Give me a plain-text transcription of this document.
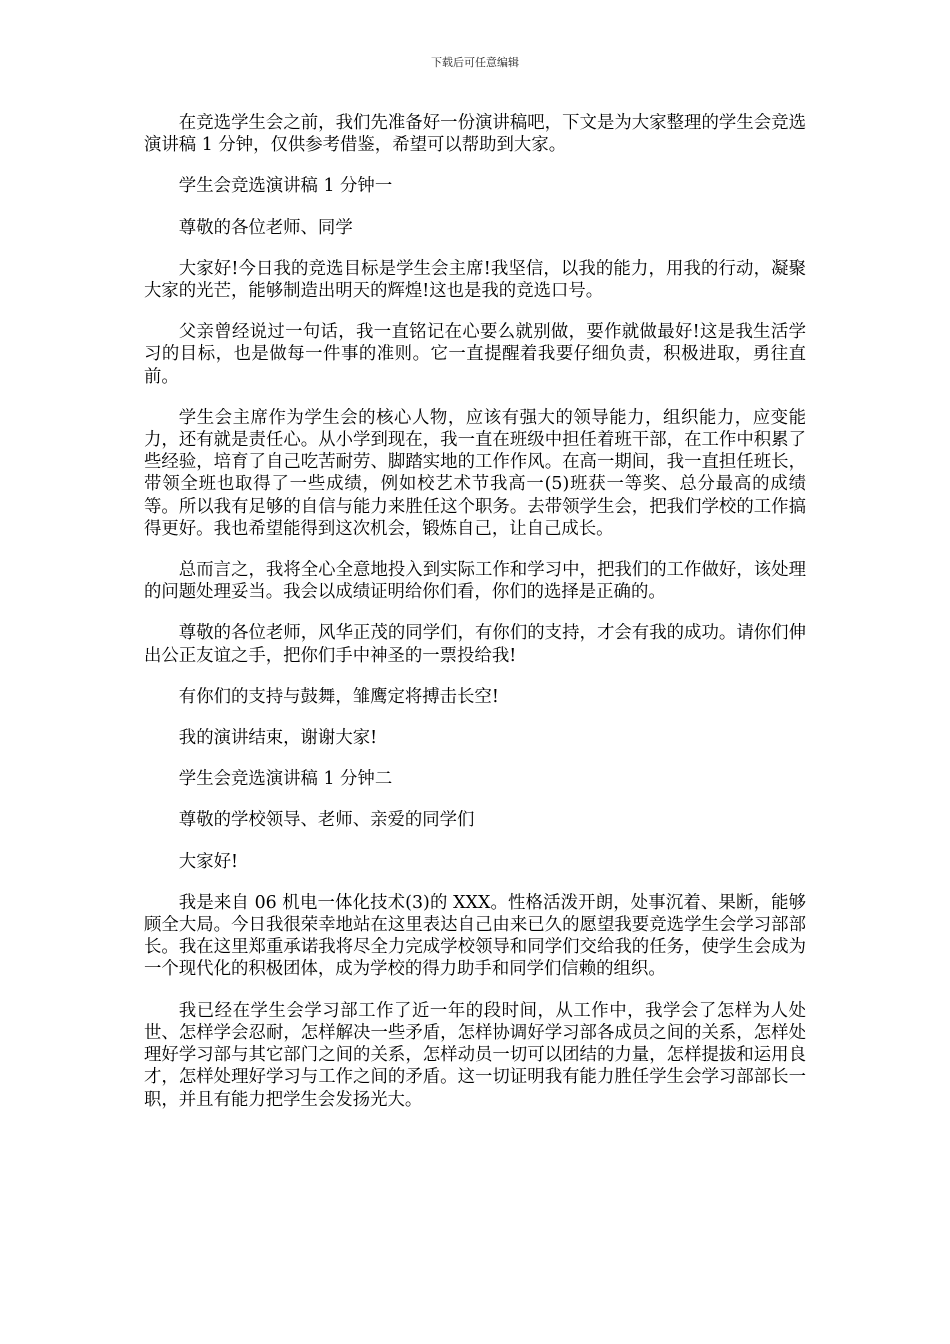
下载后可任意编辑

在竞选学生会之前，我们先准备好一份演讲稿吧，下文是为大家整理的学生会竞选演讲稿 1 分钟，仅供参考借鉴，希望可以帮助到大家。

学生会竞选演讲稿 1 分钟一

尊敬的各位老师、同学

大家好!今日我的竞选目标是学生会主席!我坚信，以我的能力，用我的行动，凝聚大家的光芒，能够制造出明天的辉煌!这也是我的竞选口号。

父亲曾经说过一句话，我一直铭记在心要么就别做，要作就做最好!这是我生活学习的目标，也是做每一件事的准则。它一直提醒着我要仔细负责，积极进取，勇往直前。

学生会主席作为学生会的核心人物，应该有强大的领导能力，组织能力，应变能力，还有就是责任心。从小学到现在，我一直在班级中担任着班干部，在工作中积累了些经验，培育了自己吃苦耐劳、脚踏实地的工作作风。在高一期间，我一直担任班长，带领全班也取得了一些成绩，例如校艺术节我高一(5)班获一等奖、总分最高的成绩等。所以我有足够的自信与能力来胜任这个职务。去带领学生会，把我们学校的工作搞得更好。我也希望能得到这次机会，锻炼自己，让自己成长。

总而言之，我将全心全意地投入到实际工作和学习中，把我们的工作做好，该处理的问题处理妥当。我会以成绩证明给你们看，你们的选择是正确的。

尊敬的各位老师，风华正茂的同学们，有你们的支持，才会有我的成功。请你们伸出公正友谊之手，把你们手中神圣的一票投给我!

有你们的支持与鼓舞，雏鹰定将搏击长空!

我的演讲结束，谢谢大家!

学生会竞选演讲稿 1 分钟二

尊敬的学校领导、老师、亲爱的同学们

大家好!

我是来自 06 机电一体化技术(3)的 XXX。性格活泼开朗，处事沉着、果断，能够顾全大局。今日我很荣幸地站在这里表达自己由来已久的愿望我要竞选学生会学习部部长。我在这里郑重承诺我将尽全力完成学校领导和同学们交给我的任务，使学生会成为一个现代化的积极团体，成为学校的得力助手和同学们信赖的组织。

我已经在学生会学习部工作了近一年的段时间，从工作中，我学会了怎样为人处世、怎样学会忍耐，怎样解决一些矛盾，怎样协调好学习部各成员之间的关系，怎样处理好学习部与其它部门之间的关系，怎样动员一切可以团结的力量，怎样提拔和运用良才，怎样处理好学习与工作之间的矛盾。这一切证明我有能力胜任学生会学习部部长一职，并且有能力把学生会发扬光大。
